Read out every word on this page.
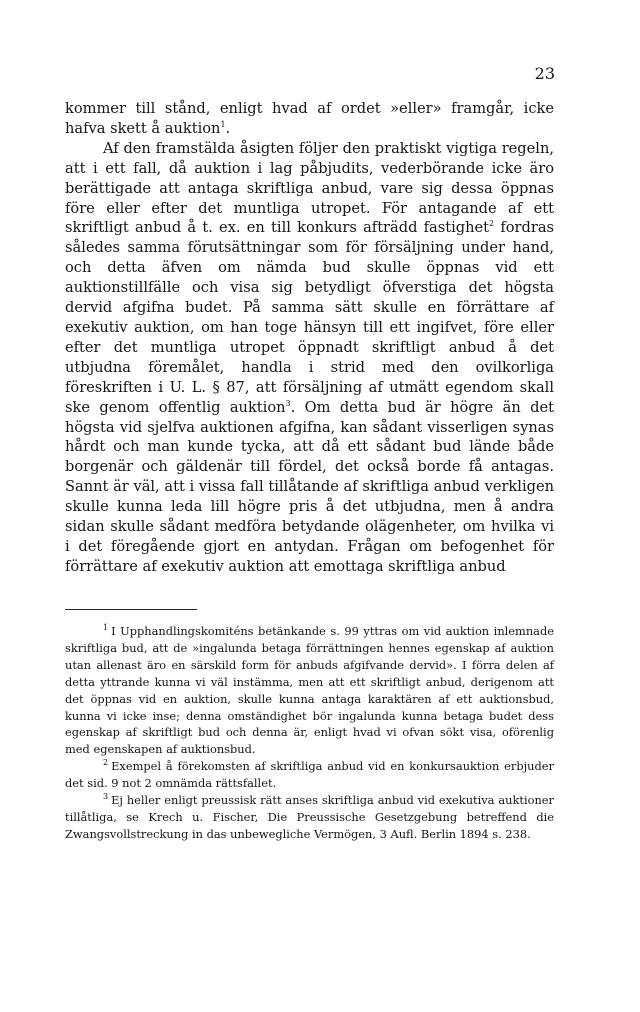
23

kommer till stånd, enligt hvad af ordet »eller» framgår, icke hafva skett å auktion$^1$.

Af den framstälda åsigten följer den praktiskt vigtiga regeln, att i ett fall, då auktion i lag påbjudits, vederbörande icke äro berättigade att antaga skriftliga anbud, vare sig dessa öppnas före eller efter det muntliga utropet. För antagande af ett skriftligt anbud å t. ex. en till konkurs afträdd fastighet$^2$ fordras således samma förutsättningar som för försäljning under hand, och detta äfven om nämda bud skulle öppnas vid ett auktionstillfälle och visa sig betydligt öfverstiga det högsta dervid afgifna budet. På samma sätt skulle en förrättare af exekutiv auktion, om han toge hänsyn till ett ingifvet, före eller efter det muntliga utropet öppnadt skriftligt anbud å det utbjudna föremålet, handla i strid med den ovilkorliga föreskriften i U. L. § 87, att försäljning af utmätt egendom skall ske genom offentlig auktion$^3$. Om detta bud är högre än det högsta vid sjelfva auktionen afgifna, kan sådant visserligen synas hårdt och man kunde tycka, att då ett sådant bud lände både borgenär och gäldenär till fördel, det också borde få antagas. Sannt är väl, att i vissa fall tillåtande af skriftliga anbud verkligen skulle kunna leda lill högre pris å det utbjudna, men å andra sidan skulle sådant medföra betydande olägenheter, om hvilka vi i det föregående gjort en antydan. Frågan om befogenhet för förrättare af exekutiv auktion att emottaga skriftliga anbud

$^1$ I Upphandlingskomiténs betänkande s. 99 yttras om vid auktion inlemnade skriftliga bud, att de »ingalunda betaga förrättningen hennes egenskap af auktion utan allenast äro en särskild form för anbuds afgifvande dervid». I förra delen af detta yttrande kunna vi väl instämma, men att ett skriftligt anbud, derigenom att det öppnas vid en auktion, skulle kunna antaga karaktären af ett auktionsbud, kunna vi icke inse; denna omständighet bör ingalunda kunna betaga budet dess egenskap af skriftligt bud och denna är, enligt hvad vi ofvan sökt visa, oförenlig med egenskapen af auktionsbud.

$^2$ Exempel å förekomsten af skriftliga anbud vid en konkursauktion erbjuder det sid. 9 not 2 omnämda rättsfallet.

$^3$ Ej heller enligt preussisk rätt anses skriftliga anbud vid exekutiva auktioner tillåtliga, se Krech u. Fischer, Die Preussische Gesetzgebung betreffend die Zwangsvollstreckung in das unbewegliche Vermögen, 3 Aufl. Berlin 1894 s. 238.
